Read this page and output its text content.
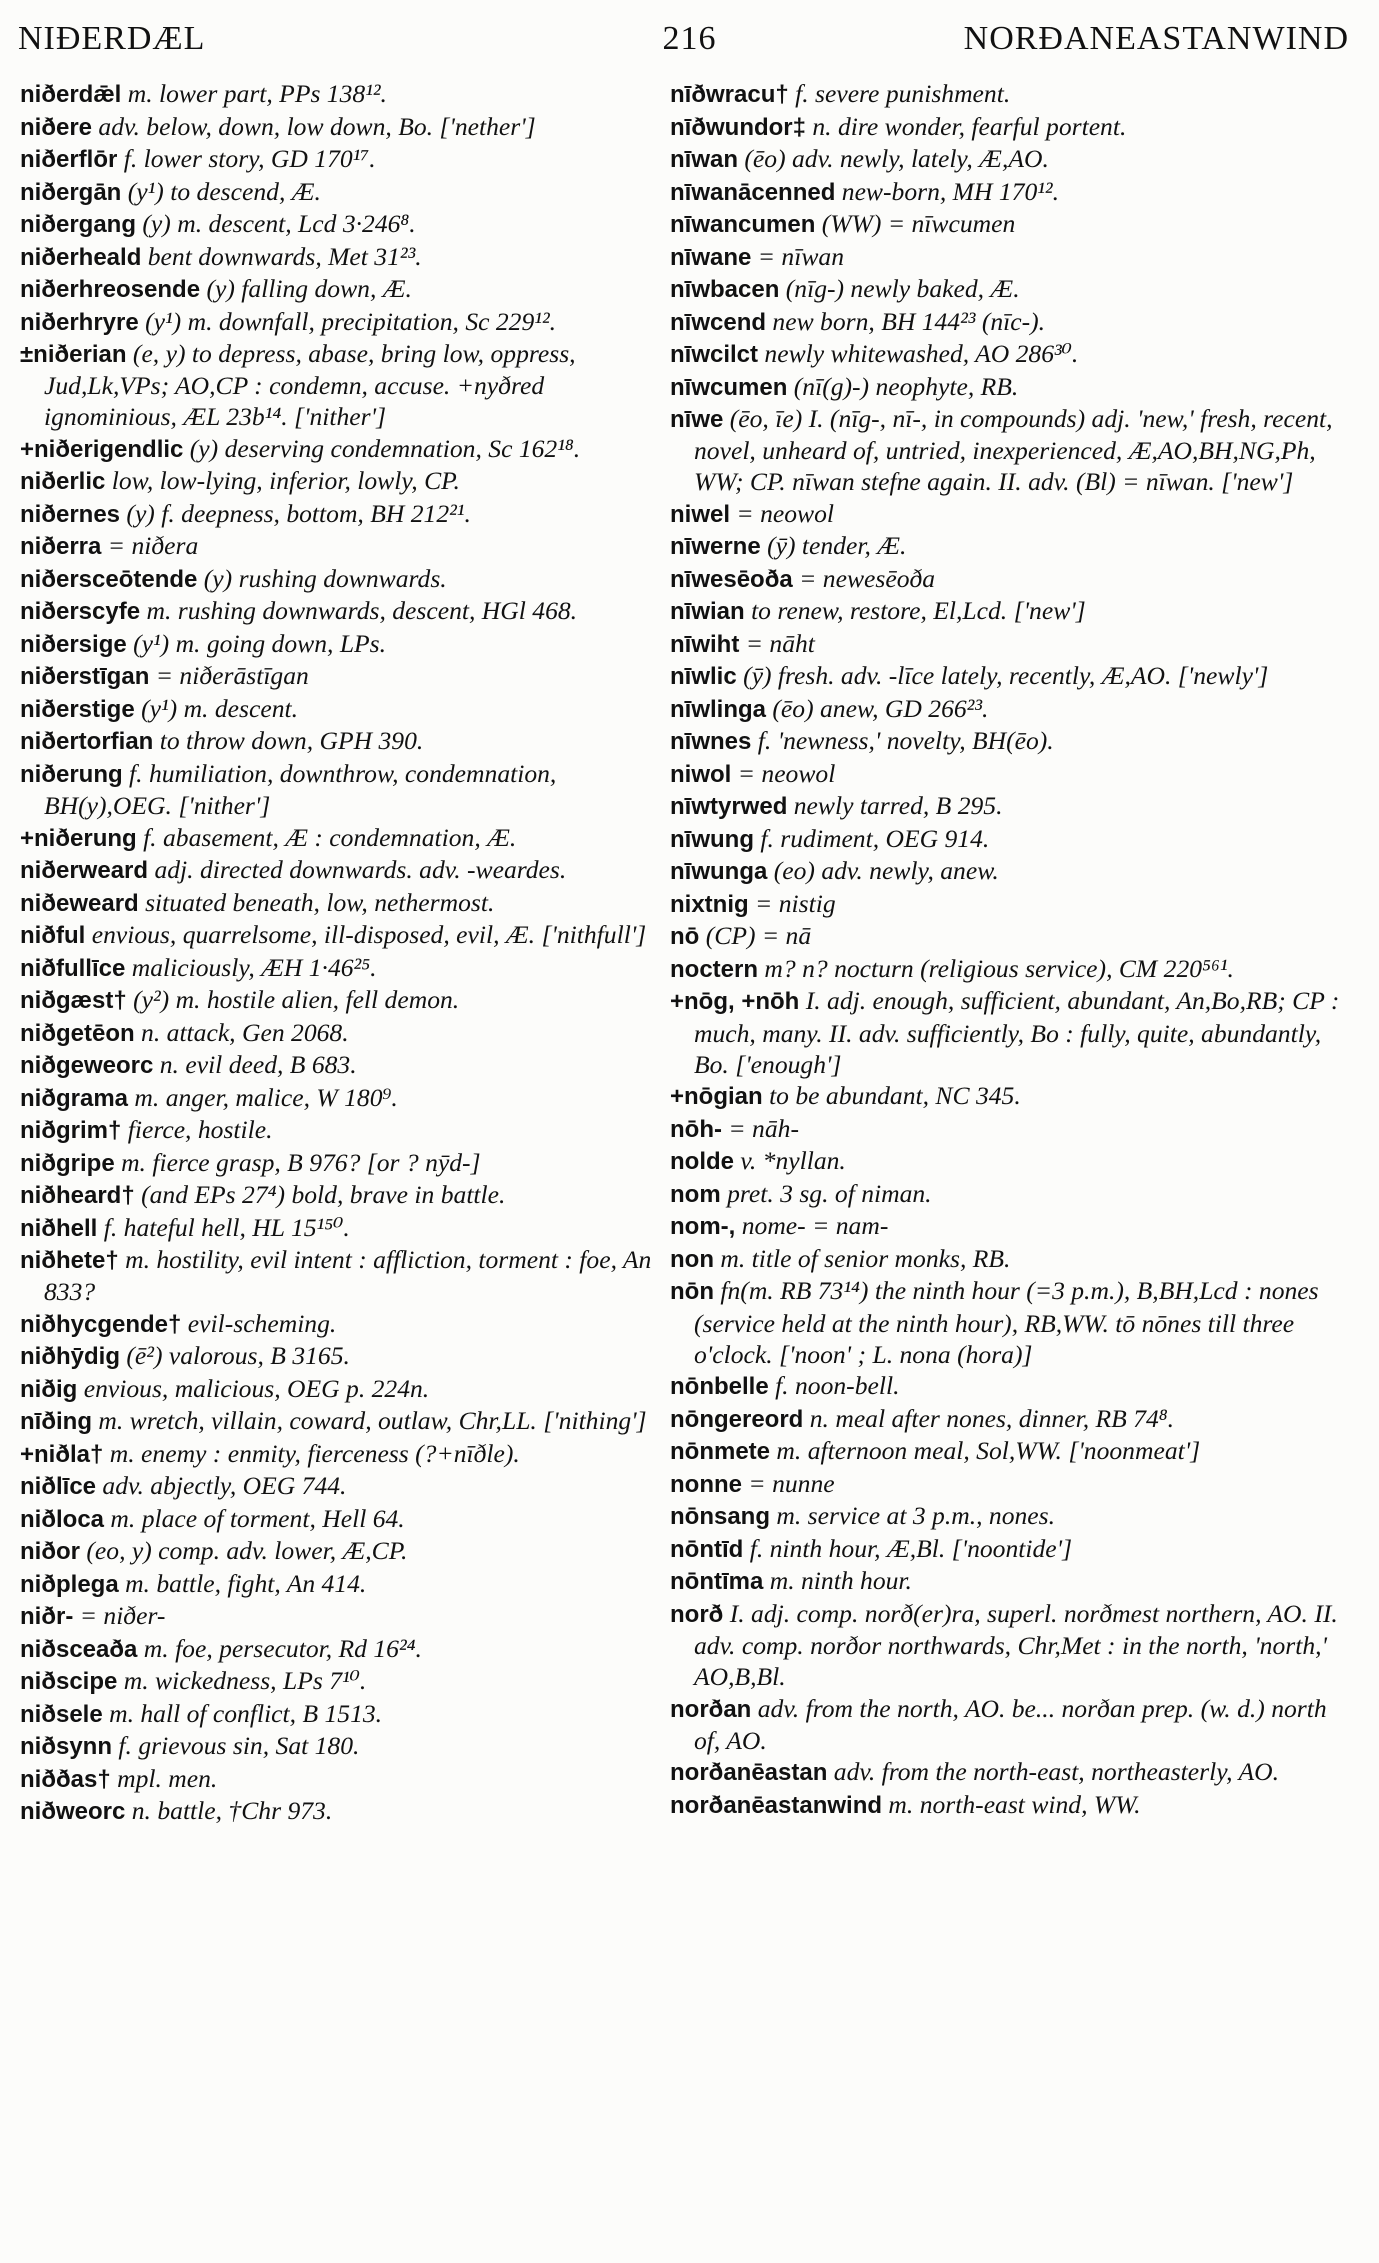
NIÐERDÆL	216	NORÐANEASTANWIND
niðerdǣl m. lower part, PPs 138¹².
niðere adv. below, down, low down, Bo. ['nether']
niðerflōr f. lower story, GD 170¹⁷.
niðergān (y¹) to descend, Æ.
niðergang (y) m. descent, Lcd 3·246⁸.
niðerheald bent downwards, Met 31²³.
niðerhreosende (y) falling down, Æ.
niðerhryre (y¹) m. downfall, precipitation, Sc 229¹².
±niðerian (e, y) to depress, abase, bring low, oppress, Jud,Lk,VPs; AO,CP : condemn, accuse. +nyðred ignominious, ÆL 23b¹⁴. ['nither']
+niðerigendlic (y) deserving condemnation, Sc 162¹⁸.
niðerlic low, low-lying, inferior, lowly, CP.
niðernes (y) f. deepness, bottom, BH 212²¹.
niðerra = niðera
niðersceōtende (y) rushing downwards.
niðerscyfe m. rushing downwards, descent, HGl 468.
niðersige (y¹) m. going down, LPs.
niðerstīgan = niðerāstīgan
niðerstige (y¹) m. descent.
niðertorfian to throw down, GPH 390.
niðerung f. humiliation, downthrow, condemnation, BH(y),OEG. ['nither']
+niðerung f. abasement, Æ : condemnation, Æ.
niðerweard adj. directed downwards. adv. -weardes.
niðeweard situated beneath, low, nethermost.
niðful envious, quarrelsome, ill-disposed, evil, Æ. ['nithfull']
niðfullīce maliciously, ÆH 1·46²⁵.
niðgæst† (y²) m. hostile alien, fell demon.
niðgetēon n. attack, Gen 2068.
niðgeweorc n. evil deed, B 683.
niðgrama m. anger, malice, W 180⁹.
niðgrim† fierce, hostile.
niðgripe m. fierce grasp, B 976? [or ? nȳd-]
niðheard† (and EPs 27⁴) bold, brave in battle.
niðhell f. hateful hell, HL 15¹⁵⁰.
niðhete† m. hostility, evil intent : affliction, torment : foe, An 833?
niðhycgende† evil-scheming.
niðhȳdig (ē²) valorous, B 3165.
niðig envious, malicious, OEG p. 224n.
nīðing m. wretch, villain, coward, outlaw, Chr,LL. ['nithing']
+niðla† m. enemy : enmity, fierceness (?+nīðle).
niðlīce adv. abjectly, OEG 744.
niðloca m. place of torment, Hell 64.
niðor (eo, y) comp. adv. lower, Æ,CP.
niðplega m. battle, fight, An 414.
niðr- = niðer-
niðsceaða m. foe, persecutor, Rd 16²⁴.
niðscipe m. wickedness, LPs 7¹⁰.
niðsele m. hall of conflict, B 1513.
niðsynn f. grievous sin, Sat 180.
niððas† mpl. men.
niðweorc n. battle, †Chr 973.
nīðwracu† f. severe punishment.
nīðwundor‡ n. dire wonder, fearful portent.
nīwan (ēo) adv. newly, lately, Æ,AO.
nīwanācenned new-born, MH 170¹².
nīwancumen (WW) = nīwcumen
nīwane = nīwan
nīwbacen (nīg-) newly baked, Æ.
nīwcend new born, BH 144²³ (nīc-).
nīwcilct newly whitewashed, AO 286³⁰.
nīwcumen (nī(g)-) neophyte, RB.
nīwe (ēo, īe) I. (nīg-, nī-, in compounds) adj. 'new,' fresh, recent, novel, unheard of, untried, inexperienced, Æ,AO,BH,NG,Ph, WW; CP. nīwan stefne again. II. adv. (Bl) = nīwan. ['new']
niwel = neowol
nīwerne (ȳ) tender, Æ.
nīwesēoða = newesēoða
nīwian to renew, restore, El,Lcd. ['new']
nīwiht = nāht
nīwlic (ȳ) fresh. adv. -līce lately, recently, Æ,AO. ['newly']
nīwlinga (ēo) anew, GD 266²³.
nīwnes f. 'newness,' novelty, BH(ēo).
niwol = neowol
nīwtyrwed newly tarred, B 295.
nīwung f. rudiment, OEG 914.
nīwunga (eo) adv. newly, anew.
nixtnig = nistig
nō (CP) = nā
noctern m? n? nocturn (religious service), CM 220⁵⁶¹.
+nōg, +nōh I. adj. enough, sufficient, abundant, An,Bo,RB; CP : much, many. II. adv. sufficiently, Bo : fully, quite, abundantly, Bo. ['enough']
+nōgian to be abundant, NC 345.
nōh- = nāh-
nolde v. *nyllan.
nom pret. 3 sg. of niman.
nom-, nome- = nam-
non m. title of senior monks, RB.
nōn fn(m. RB 73¹⁴) the ninth hour (=3 p.m.), B,BH,Lcd : nones (service held at the ninth hour), RB,WW. tō nōnes till three o'clock. ['noon' ; L. nona (hora)]
nōnbelle f. noon-bell.
nōngereord n. meal after nones, dinner, RB 74⁸.
nōnmete m. afternoon meal, Sol,WW. ['noonmeat']
nonne = nunne
nōnsang m. service at 3 p.m., nones.
nōntīd f. ninth hour, Æ,Bl. ['noontide']
nōntīma m. ninth hour.
norð I. adj. comp. norð(er)ra, superl. norðmest northern, AO. II. adv. comp. norðor northwards, Chr,Met : in the north, 'north,' AO,B,Bl.
norðan adv. from the north, AO. be... norðan prep. (w. d.) north of, AO.
norðanēastan adv. from the north-east, northeasterly, AO.
norðanēastanwind m. north-east wind, WW.
